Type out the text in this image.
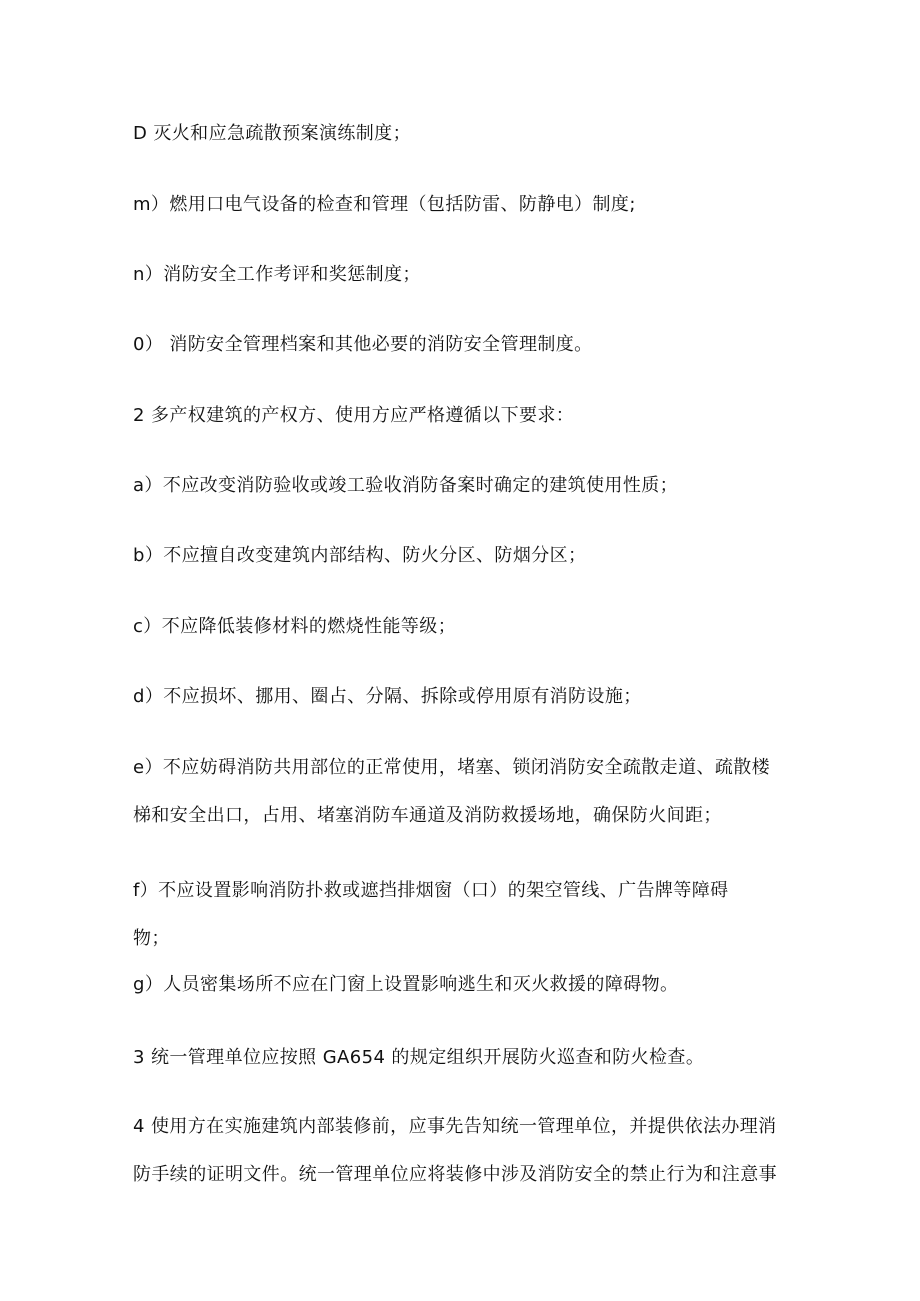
D 灭火和应急疏散预案演练制度；
m）燃用口电气设备的检查和管理（包括防雷、防静电）制度;
n）消防安全工作考评和奖惩制度；
0） 消防安全管理档案和其他必要的消防安全管理制度。
2 多产权建筑的产权方、使用方应严格遵循以下要求：
a）不应改变消防验收或竣工验收消防备案时确定的建筑使用性质；
b）不应擅自改变建筑内部结构、防火分区、防烟分区；
c）不应降低装修材料的燃烧性能等级；
d）不应损坏、挪用、圈占、分隔、拆除或停用原有消防设施；
e）不应妨碍消防共用部位的正常使用，堵塞、锁闭消防安全疏散走道、疏散楼
梯和安全出口，占用、堵塞消防车通道及消防救援场地，确保防火间距；
f）不应设置影响消防扑救或遮挡排烟窗（口）的架空管线、广告牌等障碍
物；
g）人员密集场所不应在门窗上设置影响逃生和灭火救援的障碍物。
3 统一管理单位应按照 GA654 的规定组织开展防火巡查和防火检查。
4 使用方在实施建筑内部装修前，应事先告知统一管理单位，并提供依法办理消
防手续的证明文件。统一管理单位应将装修中涉及消防安全的禁止行为和注意事
